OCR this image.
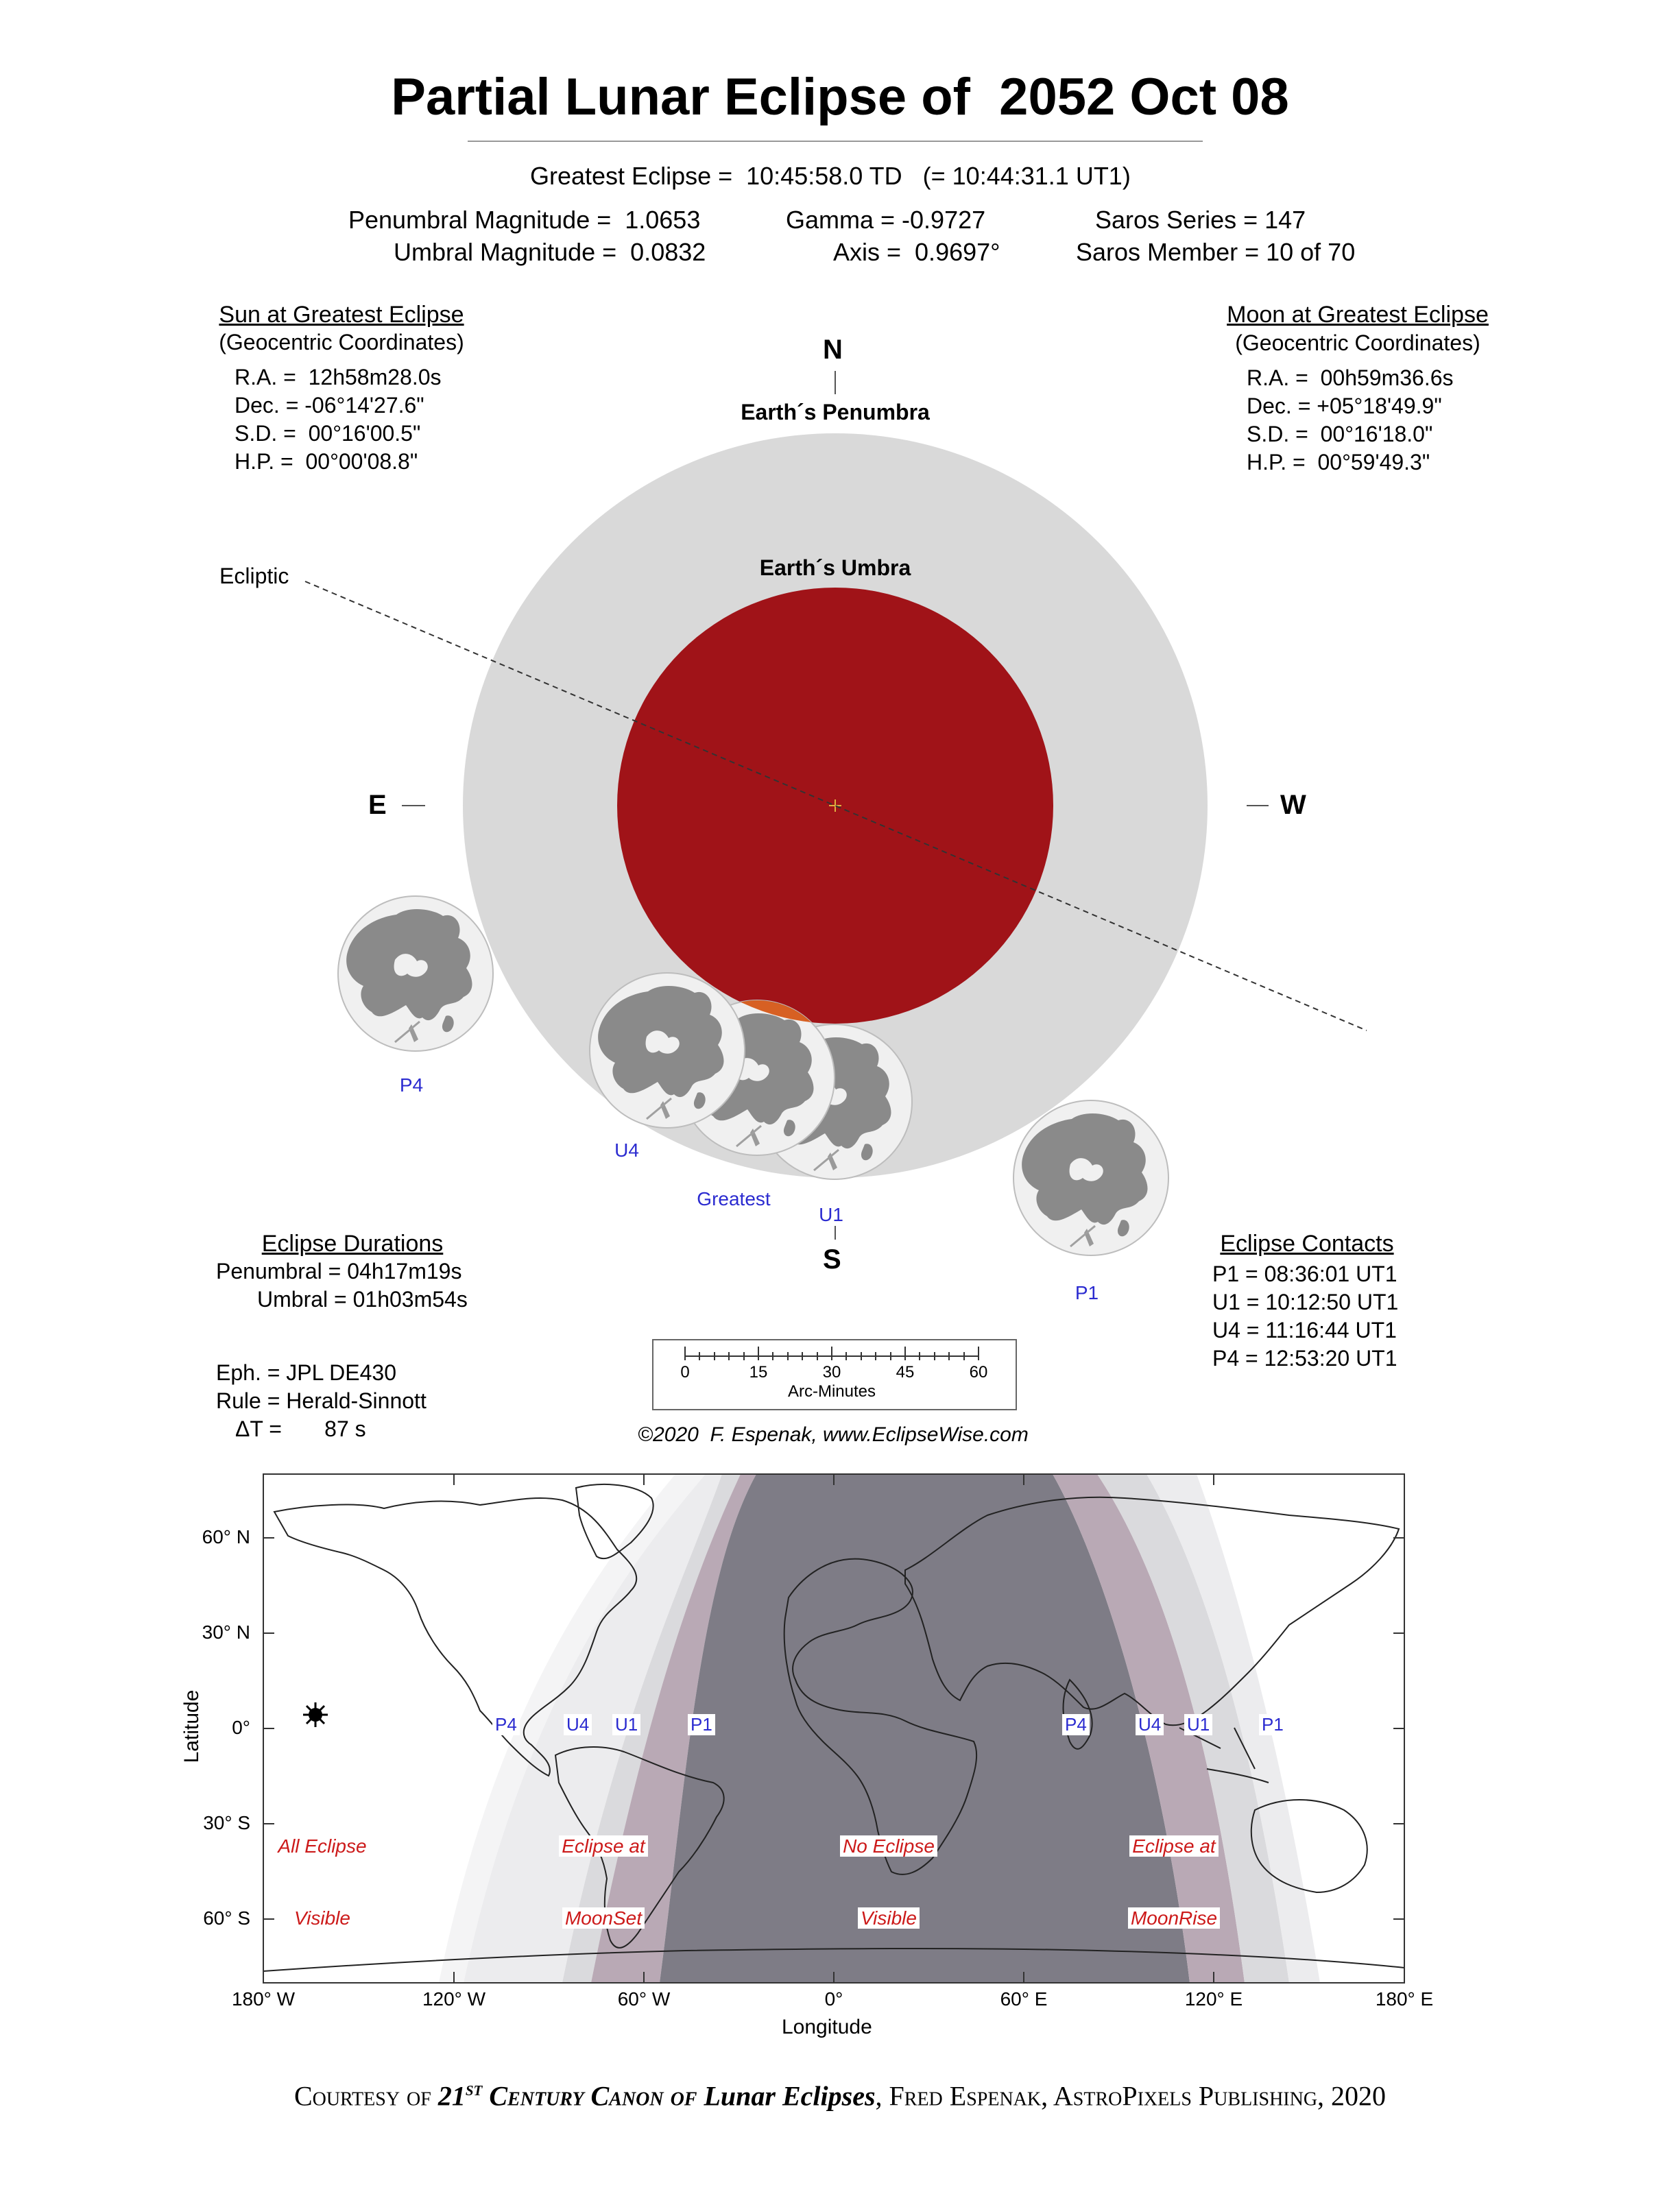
Partial Lunar Eclipse of  2052 Oct 08
Greatest Eclipse =  10:45:58.0 TD   (= 10:44:31.1 UT1)
Penumbral Magnitude =  1.0653
Umbral Magnitude =  0.0832
Gamma = -0.9727
Axis =  0.9697°
Saros Series = 147
Saros Member = 10 of 70
Sun at Greatest Eclipse
(Geocentric Coordinates)
R.A. =  12h58m28.0s
Dec. = -06°14'27.6"
S.D. =  00°16'00.5"
H.P. =  00°00'08.8"
Moon at Greatest Eclipse
(Geocentric Coordinates)
R.A. =  00h59m36.6s
Dec. = +05°18'49.9"
S.D. =  00°16'18.0"
H.P. =  00°59'49.3"
N
S
E	W
Earth´s Penumbra
Earth´s Umbra
Ecliptic
P4
U4
Greatest
U1
P1
Eclipse Durations
Penumbral = 04h17m19s
Umbral = 01h03m54s
Eclipse Contacts
P1 = 08:36:01 UT1
U1 = 10:12:50 UT1
U4 = 11:16:44 UT1
P4 = 12:53:20 UT1
Eph. = JPL DE430
Rule = Herald-Sinnott
ΔT =       87 s
0	15	30	45	60
Arc-Minutes
©2020  F. Espenak, www.EclipseWise.com
Latitude
Longitude
60° N
30° N
0°
30° S
60° S
180° W	120° W	60° W	0°	60° E	120° E	180° E
P4	U4 U1	P1	P4	U4 U1	P1

All Eclipse

Visible

Eclipse at

MoonSet

No Eclipse

Visible

Eclipse at

MoonRise

Courtesy of 21st Century Canon of Lunar Eclipses, Fred Espenak, AstroPixels Publishing, 2020
